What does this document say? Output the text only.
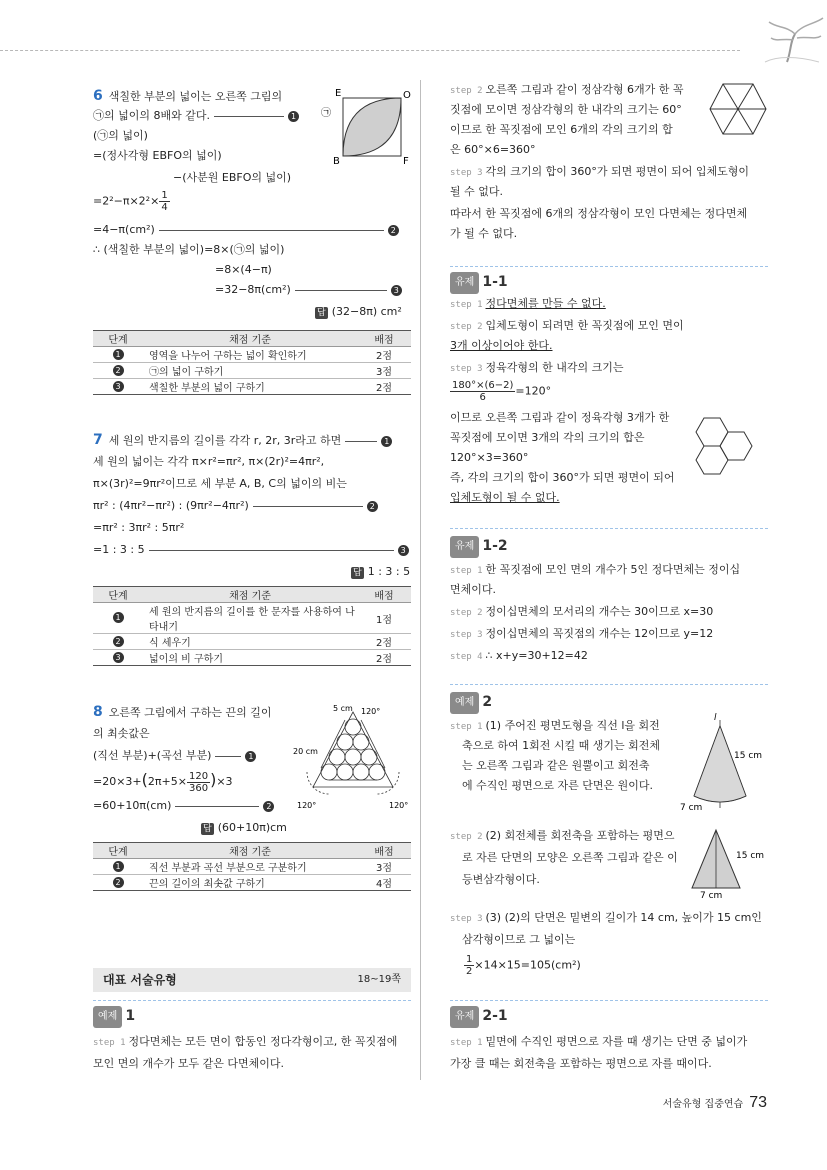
6 색칠한 부분의 넓이는 오른쪽 그림의
㉠의 넓이의 8배와 같다.	1
(㉠의 넓이)
=(정사각형 EBFO의 넓이)
−(사분원 EBFO의 넓이)
$=2^2-\pi\times 2^2\times \frac{1}{4}$
=4−π(cm²)	2
∴ (색칠한 부분의 넓이)=8×(㉠의 넓이)
=8×(4−π)
=32−8π(cm²)	3
답 (32−8π) cm²
E	O
B	F
㉠
단계	채점 기준	배점
1	영역을 나누어 구하는 넓이 확인하기	2점
2	㉠의 넓이 구하기	3점
3	색칠한 부분의 넓이 구하기	2점
7 세 원의 반지름의 길이를 각각 r, 2r, 3r라고 하면	1
세 원의 넓이는 각각 π×r²=πr², π×(2r)²=4πr²,
π×(3r)²=9πr²이므로 세 부분 A, B, C의 넓이의 비는
πr² : (4πr²−πr²) : (9πr²−4πr²)	2
=πr² : 3πr² : 5πr²
=1 : 3 : 5	3
답 1 : 3 : 5
단계	채점 기준	배점
1	세 원의 반지름의 길이를 한 문자를 사용하여 나타내기	1점
2	식 세우기	2점
3	넓이의 비 구하기	2점
8 오른쪽 그림에서 구하는 끈의 길이
의 최솟값은
(직선 부분)+(곡선 부분)	1
$=20\times 3+(2\pi+5\times \frac{120}{360} )\times 3$
=60+10π(cm)	2
답 (60+10π)cm
5 cm 120°
20 cm
120°	120°
단계	채점 기준	배점
1	직선 부분과 곡선 부분으로 구분하기	3점
2	끈의 길이의 최솟값 구하기	4점
대표 서술유형	18~19쪽
예제 1
step 1 정다면체는 모든 면이 합동인 정다각형이고, 한 꼭짓점에
모인 면의 개수가 모두 같은 다면체이다.
step 2 오른쪽 그림과 같이 정삼각형 6개가 한 꼭
짓점에 모이면 정삼각형의 한 내각의 크기는 60°
이므로 한 꼭짓점에 모인 6개의 각의 크기의 합
은 60°×6=360°
step 3 각의 크기의 합이 360°가 되면 평면이 되어 입체도형이
될 수 없다.
따라서 한 꼭짓점에 6개의 정삼각형이 모인 다면체는 정다면체
가 될 수 없다.
유제 1-1
step 1 정다면체를 만들 수 없다.
step 2 입체도형이 되려면 한 꼭짓점에 모인 면이
3개 이상이어야 한다.
step 3 정육각형의 한 내각의 크기는
$\frac{180^\circ\times(6-2)}{6} =120^\circ$
이므로 오른쪽 그림과 같이 정육각형 3개가 한
꼭짓점에 모이면 3개의 각의 크기의 합은
120°×3=360°
즉, 각의 크기의 합이 360°가 되면 평면이 되어
입체도형이 될 수 없다.
유제 1-2
step 1 한 꼭짓점에 모인 면의 개수가 5인 정다면체는 정이십
면체이다.
step 2 정이십면체의 모서리의 개수는 30이므로 x=30
step 3 정이십면체의 꼭짓점의 개수는 12이므로 y=12
step 4 ∴ x+y=30+12=42
예제 2
step 1 (1) 주어진 평면도형을 직선 l을 회전
축으로 하여 1회전 시킬 때 생기는 회전체
는 오른쪽 그림과 같은 원뿔이고 회전축
에 수직인 평면으로 자른 단면은 원이다.
l
15 cm
7 cm
step 2 (2) 회전체를 회전축을 포함하는 평면으
로 자른 단면의 모양은 오른쪽 그림과 같은 이
등변삼각형이다.
15 cm
7 cm
step 3 (3) (2)의 단면은 밑변의 길이가 14 cm, 높이가 15 cm인
삼각형이므로 그 넓이는
$\frac{1}{2} \times 14\times 15=105(cm^2)$
유제 2-1
step 1 밑면에 수직인 평면으로 자를 때 생기는 단면 중 넓이가
가장 클 때는 회전축을 포함하는 평면으로 자를 때이다.
서술유형 집중연습 73
